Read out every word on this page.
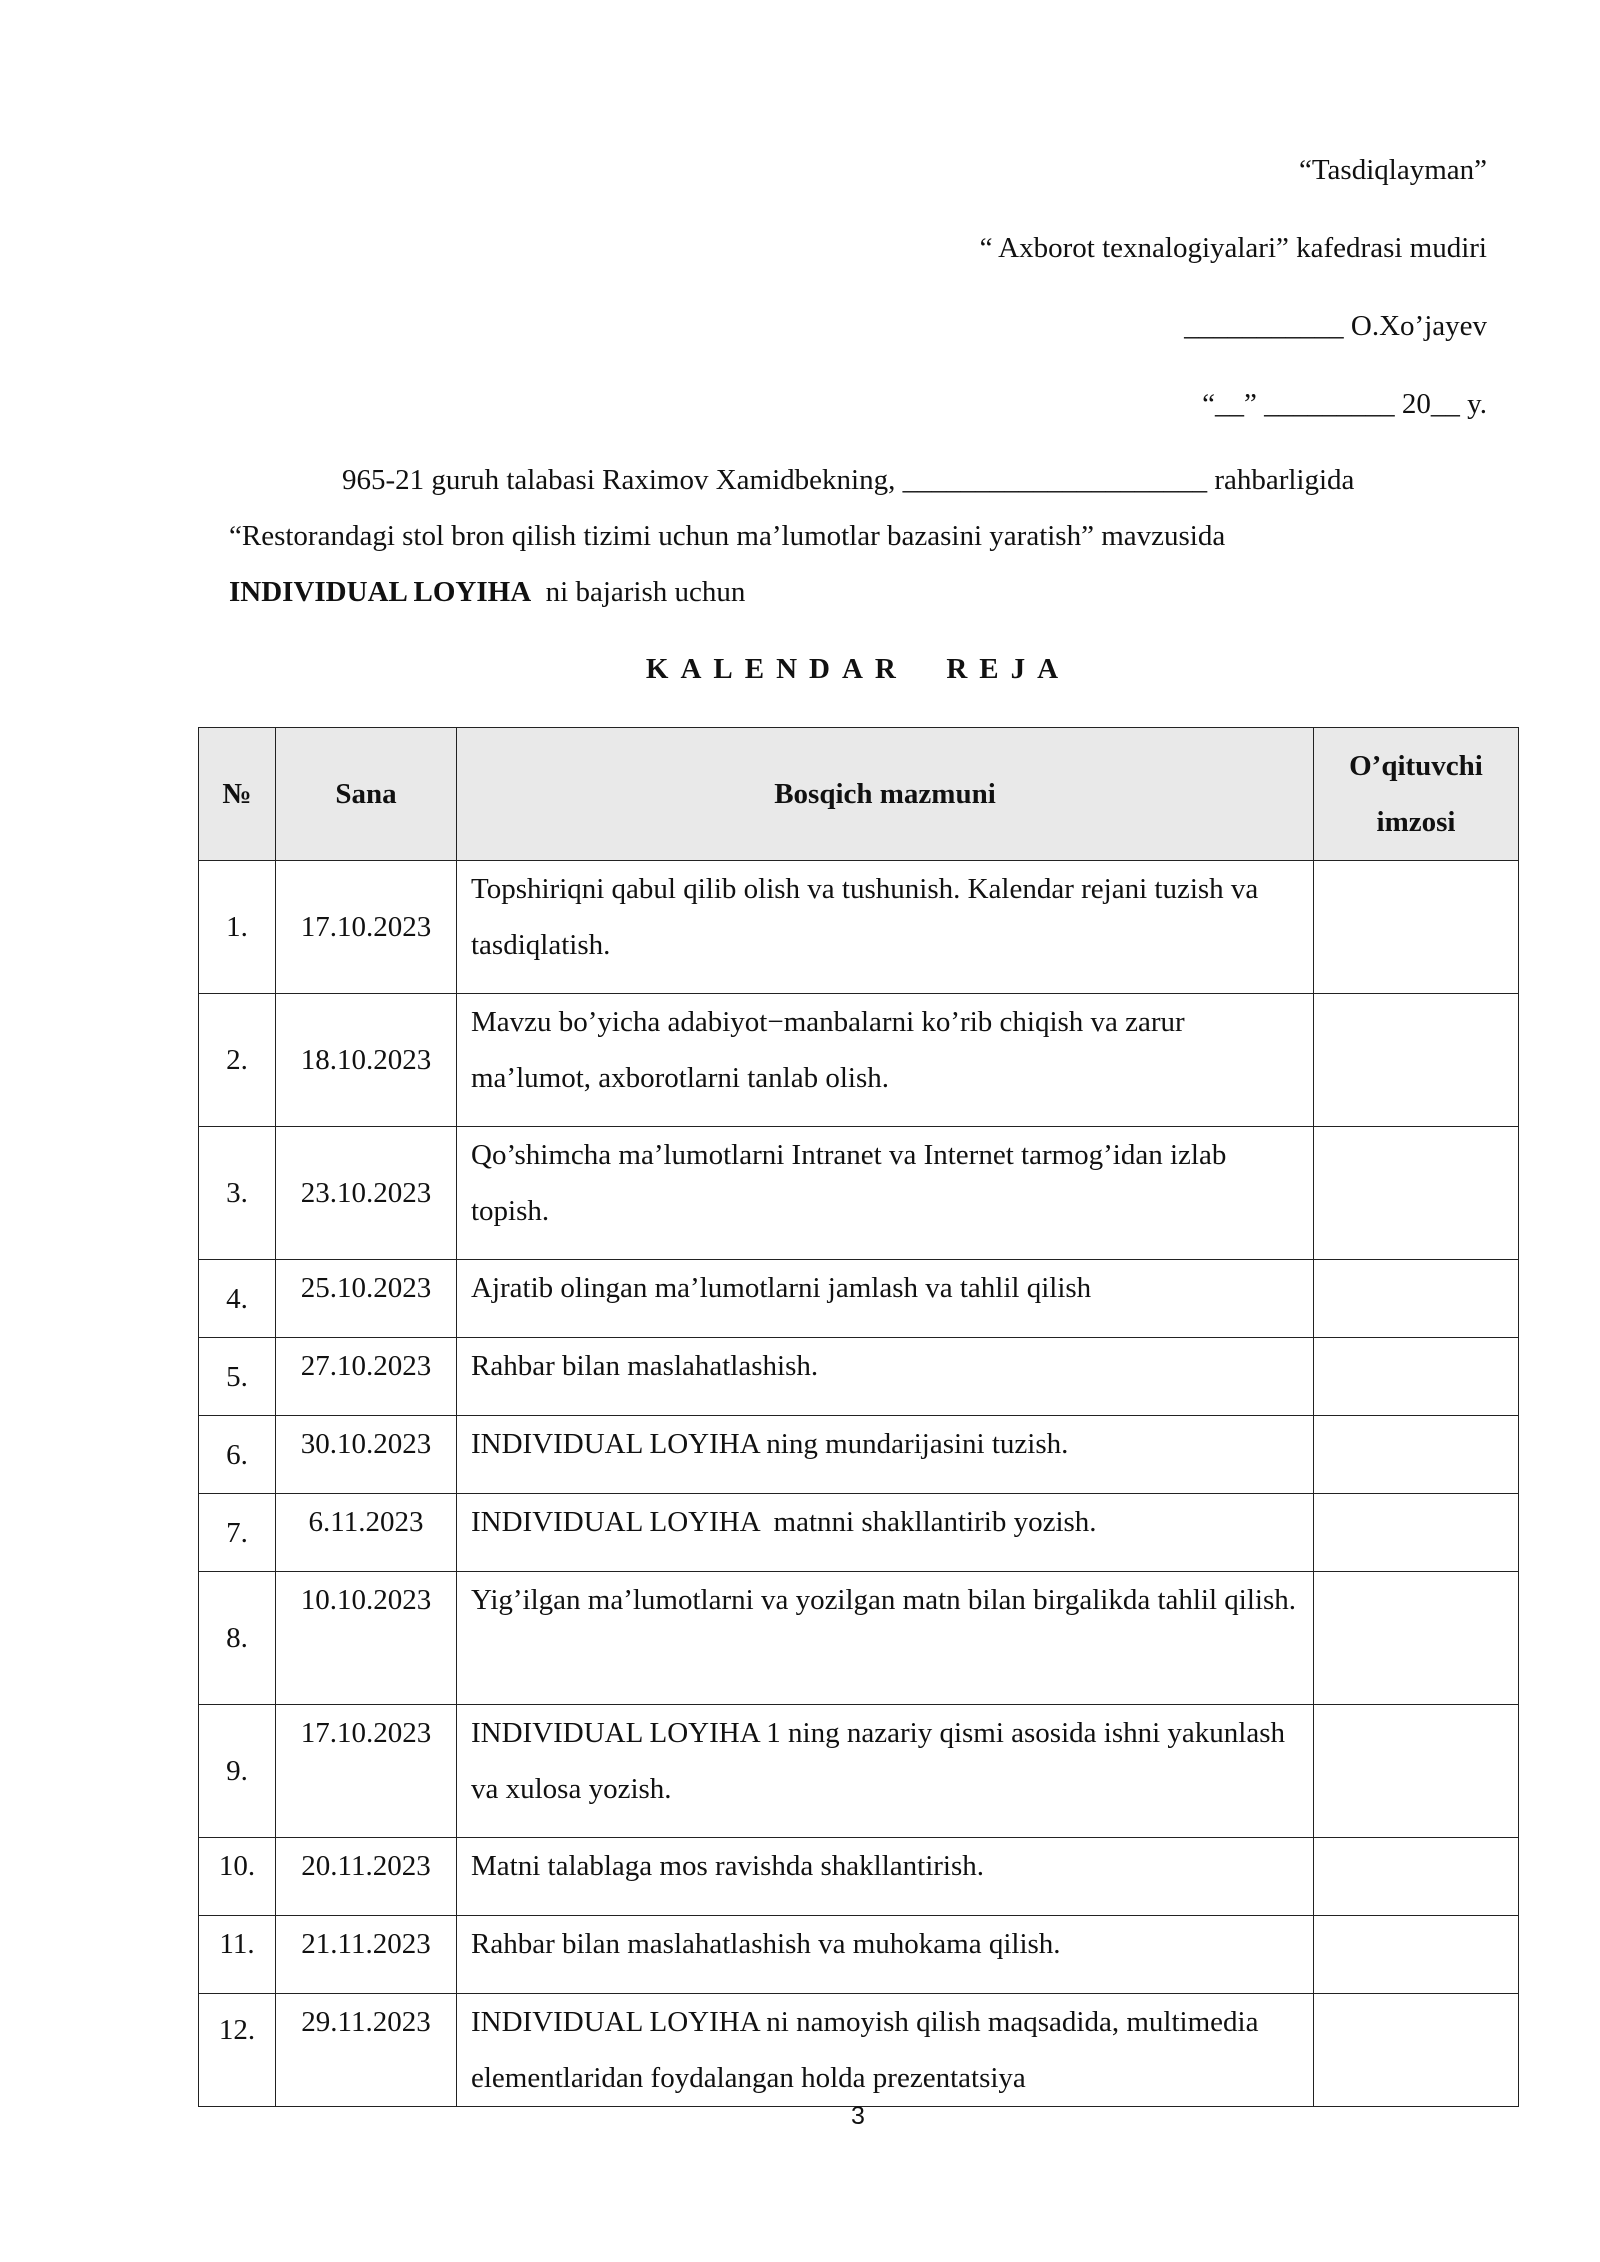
“Tasdiqlayman”
“ Axborot texnalogiyalari” kafedrasi mudiri
___________ O.Xo’jayev
“__” _________ 20__ y.
965-21 guruh talabasi Raximov Xamidbekning, _____________________ rahbarligida
“Restorandagi stol bron qilish tizimi uchun ma’lumotlar bazasini yaratish” mavzusida
INDIVIDUAL LOYIHA  ni bajarish uchun
KALENDAR  REJA
№	Sana	Bosqich mazmuni	O’qituvchi imzosi
1.	17.10.2023	Topshiriqni qabul qilib olish va tushunish. Kalendar rejani tuzish va tasdiqlatish.	
2.	18.10.2023	Mavzu bo’yicha adabiyot−manbalarni ko’rib chiqish va zarur ma’lumot, axborotlarni tanlab olish.	
3.	23.10.2023	Qo’shimcha ma’lumotlarni Intranet va Internet tarmog’idan izlab topish.	
4.	25.10.2023	Ajratib olingan ma’lumotlarni jamlash va tahlil qilish	
5.	27.10.2023	Rahbar bilan maslahatlashish.	
6.	30.10.2023	INDIVIDUAL LOYIHA ning mundarijasini tuzish.	
7.	6.11.2023	INDIVIDUAL LOYIHA  matnni shakllantirib yozish.	
8.	10.10.2023	Yig’ilgan ma’lumotlarni va yozilgan matn bilan birgalikda tahlil qilish.	
9.	17.10.2023	INDIVIDUAL LOYIHA 1 ning nazariy qismi asosida ishni yakunlash va xulosa yozish.	
10.	20.11.2023	Matni talablaga mos ravishda shakllantirish.	
11.	21.11.2023	Rahbar bilan maslahatlashish va muhokama qilish.	
12.	29.11.2023	INDIVIDUAL LOYIHA ni namoyish qilish maqsadida, multimedia elementlaridan foydalangan holda prezentatsiya	
3
